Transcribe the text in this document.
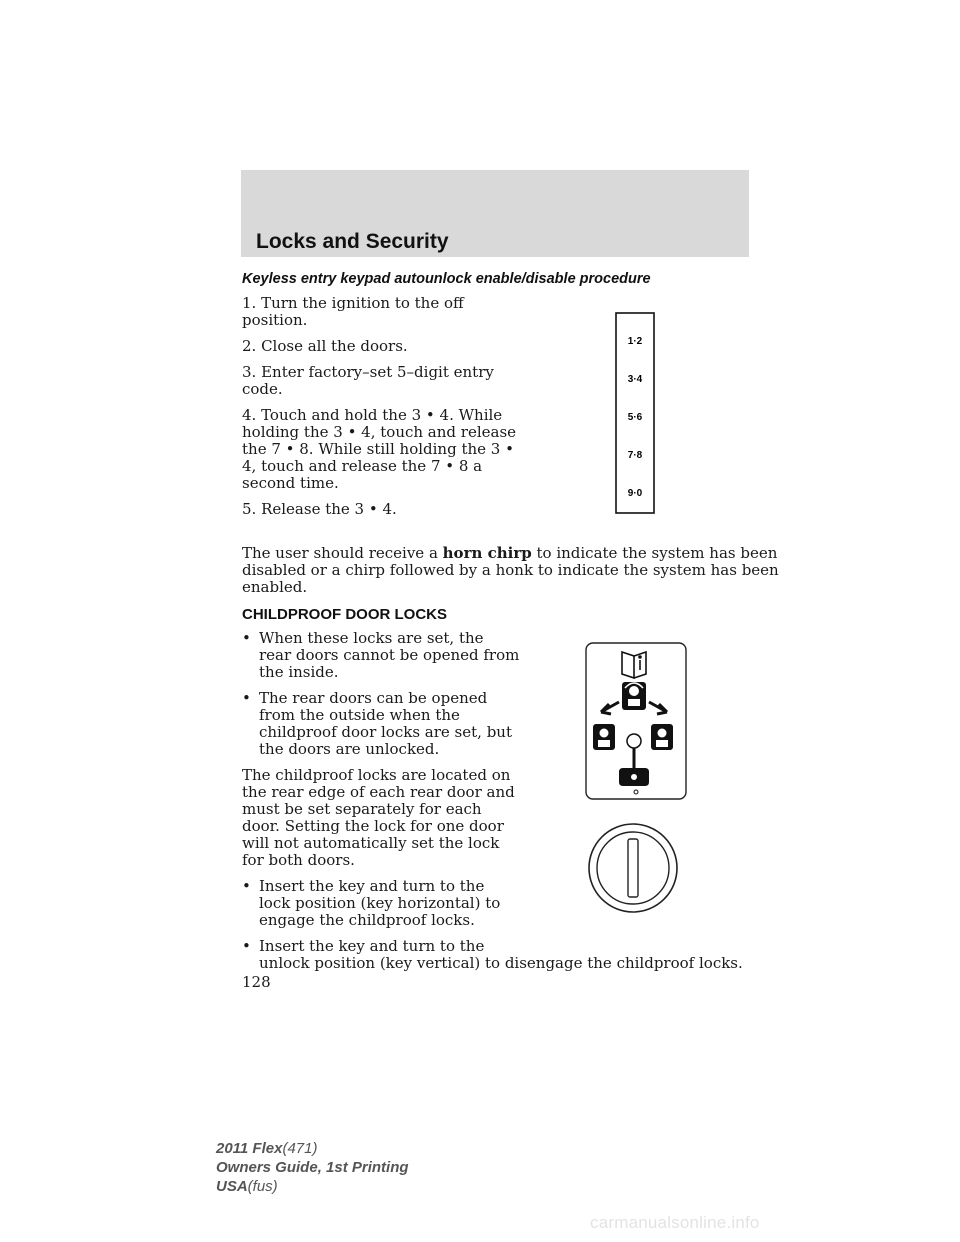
Locks and Security

Keyless entry keypad autounlock enable/disable procedure

1. Turn the ignition to the off

position.

2. Close all the doors.

3. Enter factory–set 5–digit entry

code.

4. Touch and hold the 3 • 4. While

holding the 3 • 4, touch and release

the 7 • 8. While still holding the 3 •

4, touch and release the 7 • 8 a

second time.

5. Release the 3 • 4.

1·2
3·4
5·6
7·8
9·0

The user should receive a horn chirp to indicate the system has been

disabled or a chirp followed by a honk to indicate the system has been

enabled.

CHILDPROOF DOOR LOCKS
• When these locks are set, the

rear doors cannot be opened from

the inside.

• The rear doors can be opened

from the outside when the

childproof door locks are set, but

the doors are unlocked.

The childproof locks are located on

the rear edge of each rear door and

must be set separately for each

door. Setting the lock for one door

will not automatically set the lock

for both doors.

• Insert the key and turn to the

lock position (key horizontal) to

engage the childproof locks.

• Insert the key and turn to the

unlock position (key vertical) to disengage the childproof locks.

128

2011 Flex(471)
Owners Guide, 1st Printing
USA(fus)
carmanualsonline.info
